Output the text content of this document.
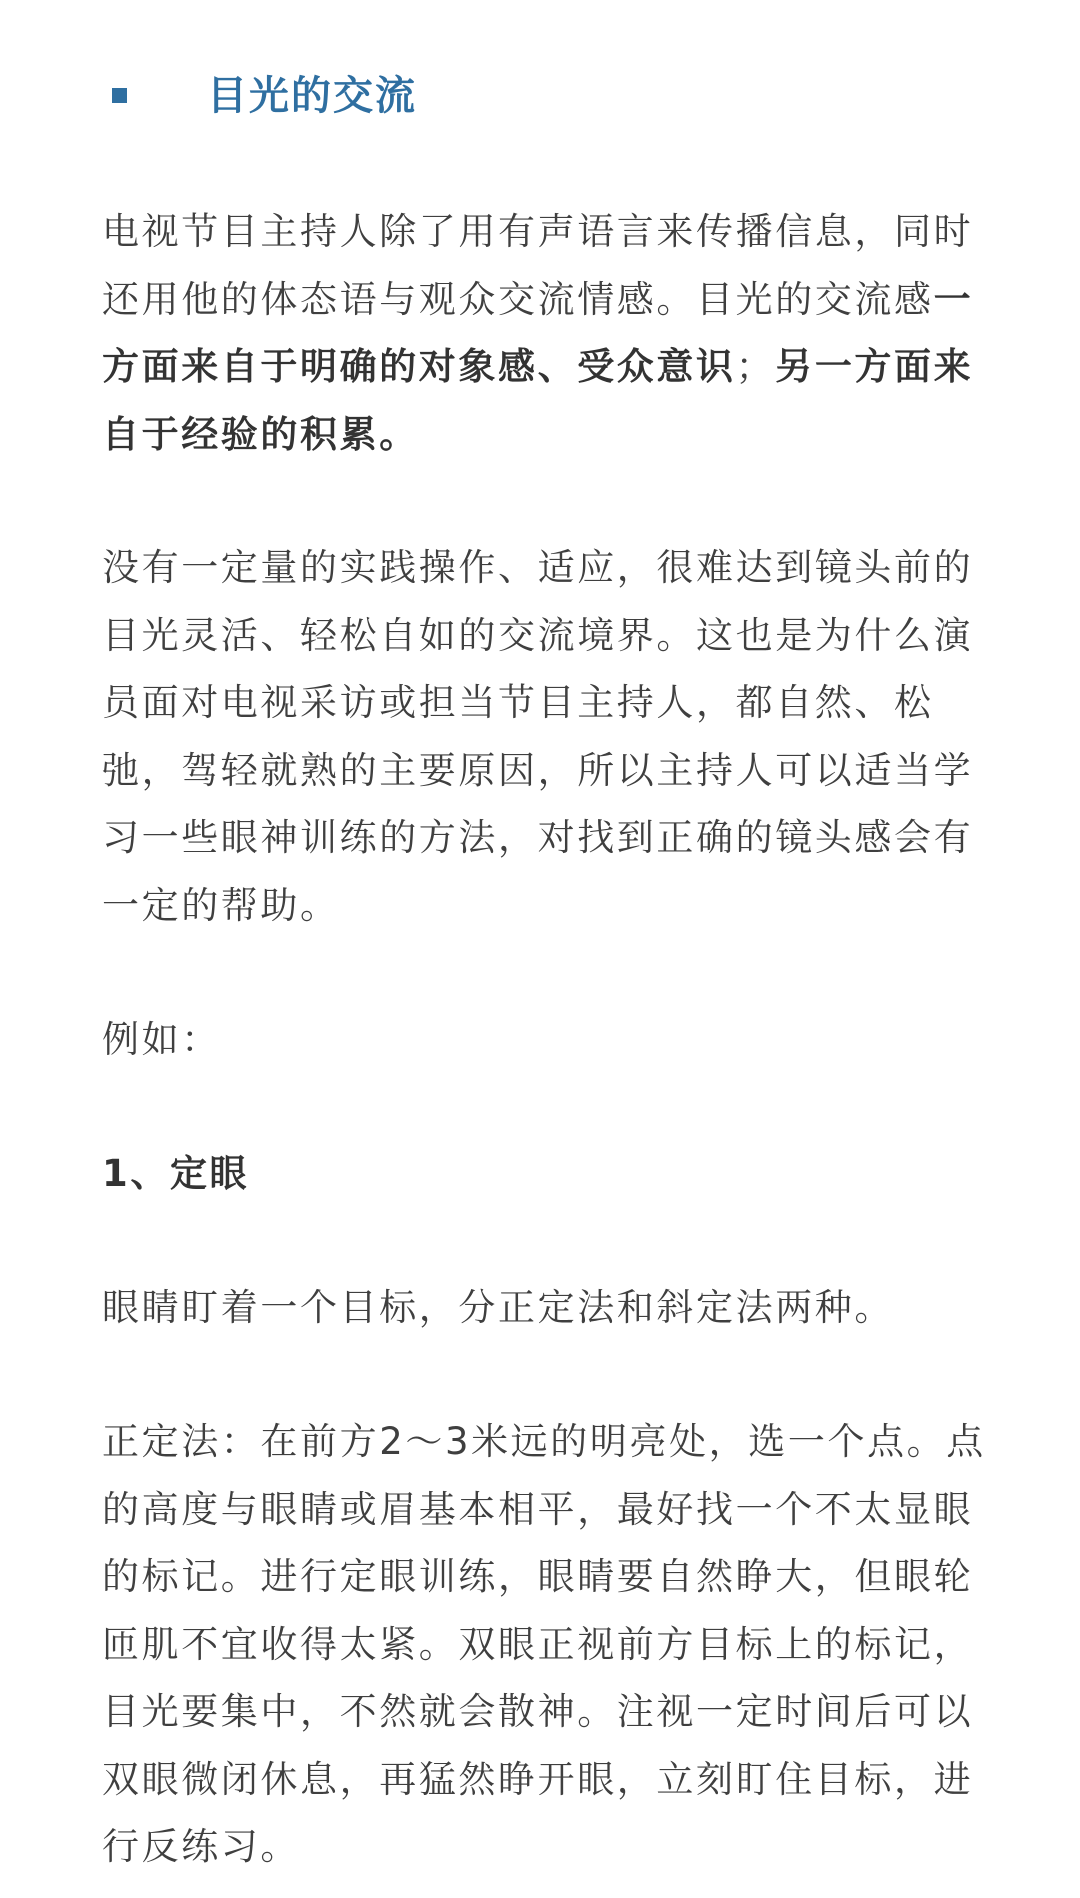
目光的交流

电视节目主持人除了用有声语言来传播信息，同时还用他的体态语与观众交流情感。目光的交流感一方面来自于明确的对象感、受众意识；另一方面来自于经验的积累。

没有一定量的实践操作、适应，很难达到镜头前的目光灵活、轻松自如的交流境界。这也是为什么演员面对电视采访或担当节目主持人，都自然、松弛，驾轻就熟的主要原因，所以主持人可以适当学习一些眼神训练的方法，对找到正确的镜头感会有一定的帮助。

例如：

1、定眼

眼睛盯着一个目标，分正定法和斜定法两种。

正定法：在前方2～3米远的明亮处，选一个点。点的高度与眼睛或眉基本相平，最好找一个不太显眼的标记。进行定眼训练，眼睛要自然睁大，但眼轮匝肌不宜收得太紧。双眼正视前方目标上的标记，目光要集中，不然就会散神。注视一定时间后可以双眼微闭休息，再猛然睁开眼，立刻盯住目标，进行反练习。
